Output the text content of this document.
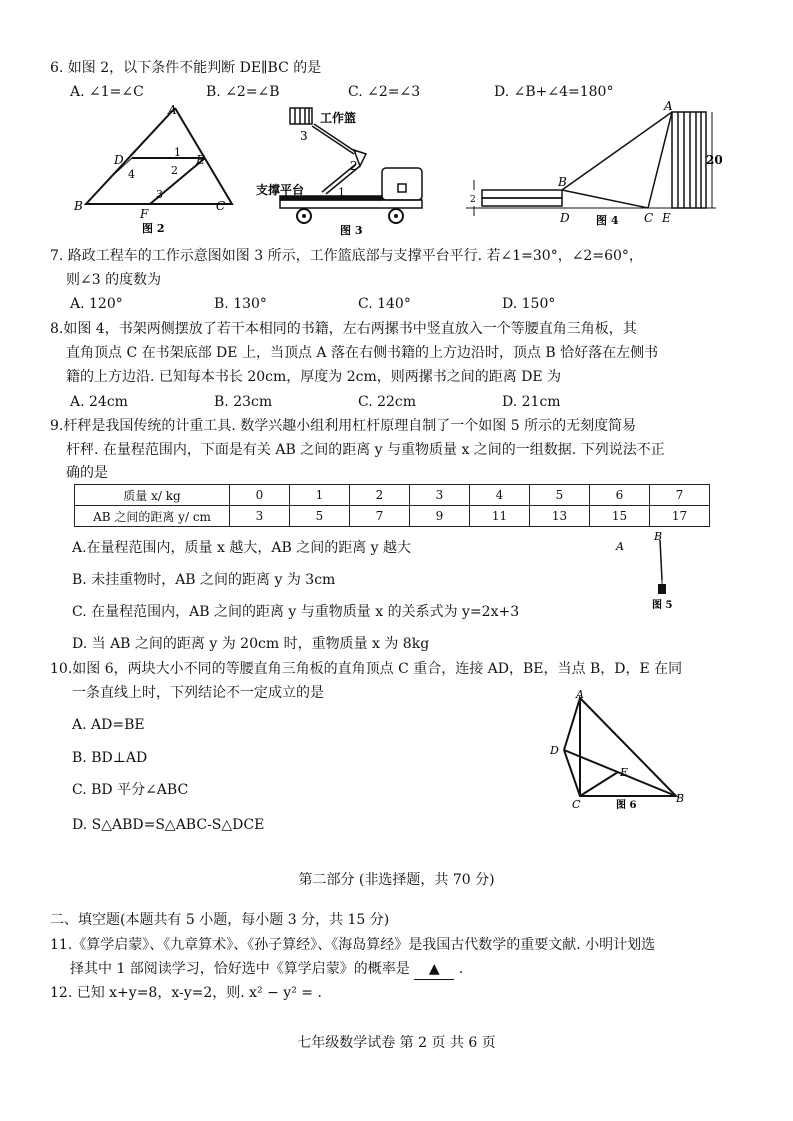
6. 如图 2，以下条件不能判断 DE∥BC 的是
A. ∠1=∠C	B. ∠2=∠B	C. ∠2=∠3	D. ∠B+∠4=180°
A
B	C
D	E
F
1
2
3
4
图 2
工作篮
支撑平台
3
2
1
图 3
A
B
C
D	E
2
20
图 4
7. 路政工程车的工作示意图如图 3 所示，工作篮底部与支撑平台平行. 若∠1=30°，∠2=60°，
则∠3 的度数为
A. 120°	B. 130°	C. 140°	D. 150°
8.如图 4，书架两侧摆放了若干本相同的书籍，左右两摞书中竖直放入一个等腰直角三角板，其
直角顶点 C 在书架底部 DE 上，当顶点 A 落在右侧书籍的上方边沿时，顶点 B 恰好落在左侧书
籍的上方边沿. 已知每本书长 20cm，厚度为 2cm，则两摞书之间的距离 DE 为
A. 24cm	B. 23cm	C. 22cm	D. 21cm
9.杆秤是我国传统的计重工具. 数学兴趣小组利用杠杆原理自制了一个如图 5 所示的无刻度简易
杆秤. 在量程范围内，下面是有关 AB 之间的距离 y 与重物质量 x 之间的一组数据. 下列说法不正
确的是
质量 x/ kg	0	1	2	3	4	5	6	7
AB 之间的距离 y/ cm	3	5	7	9	11	13	15	17
A.在量程范围内，质量 x 越大，AB 之间的距离 y 越大
B. 未挂重物时，AB 之间的距离 y 为 3cm
C. 在量程范围内，AB 之间的距离 y 与重物质量 x 的关系式为 y=2x+3
D. 当 AB 之间的距离 y 为 20cm 时，重物质量 x 为 8kg
A
B
图 5
10.如图 6，两块大小不同的等腰直角三角板的直角顶点 C 重合，连接 AD，BE，当点 B，D，E 在同
一条直线上时，下列结论不一定成立的是
A. AD=BE
B. BD⊥AD
C. BD 平分∠ABC
D. S△ABD=S△ABC-S△DCE
A
D
E
C	B
图 6
第二部分 (非选择题，共 70 分)
二、填空题(本题共有 5 小题，每小题 3 分，共 15 分)
11.《算学启蒙》、《九章算术》、《孙子算经》、《海岛算经》是我国古代数学的重要文献. 小明计划选
择其中 1 部阅读学习，恰好选中《算学启蒙》的概率是 ▲ .
12. 已知 x+y=8，x-y=2，则. x² − y² = .
七年级数学试卷 第 2 页 共 6 页
